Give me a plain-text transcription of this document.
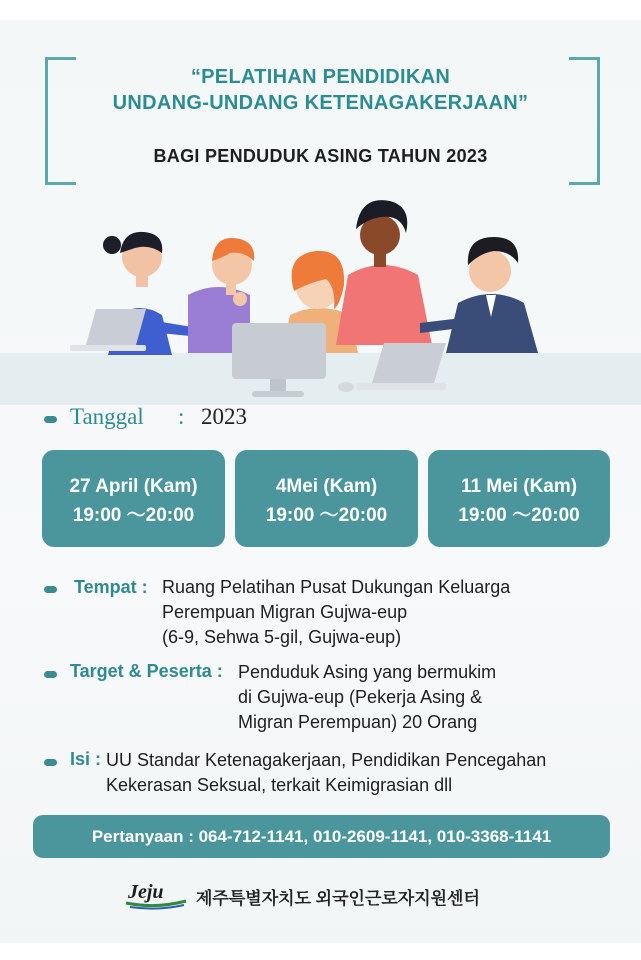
“PELATIHAN PENDIDIKAN
UNDANG-UNDANG KETENAGAKERJAAN”
BAGI PENDUDUK ASING TAHUN 2023
Tanggal : 2023
27 April (Kam)
19:00 ～20:00
4Mei (Kam)
19:00 ～20:00
11 Mei (Kam)
19:00 ～20:00
Tempat : Ruang Pelatihan Pusat Dukungan Keluarga
Perempuan Migran Gujwa-eup
(6-9, Sehwa 5-gil, Gujwa-eup)
Target & Peserta : Penduduk Asing yang bermukim
di Gujwa-eup (Pekerja Asing &
Migran Perempuan) 20 Orang
Isi : UU Standar Ketenagakerjaan, Pendidikan Pencegahan
Kekerasan Seksual, terkait Keimigrasian dll
Pertanyaan : 064-712-1141, 010-2609-1141, 010-3368-1141
Jeju 제주특별자치도 외국인근로자지원센터
